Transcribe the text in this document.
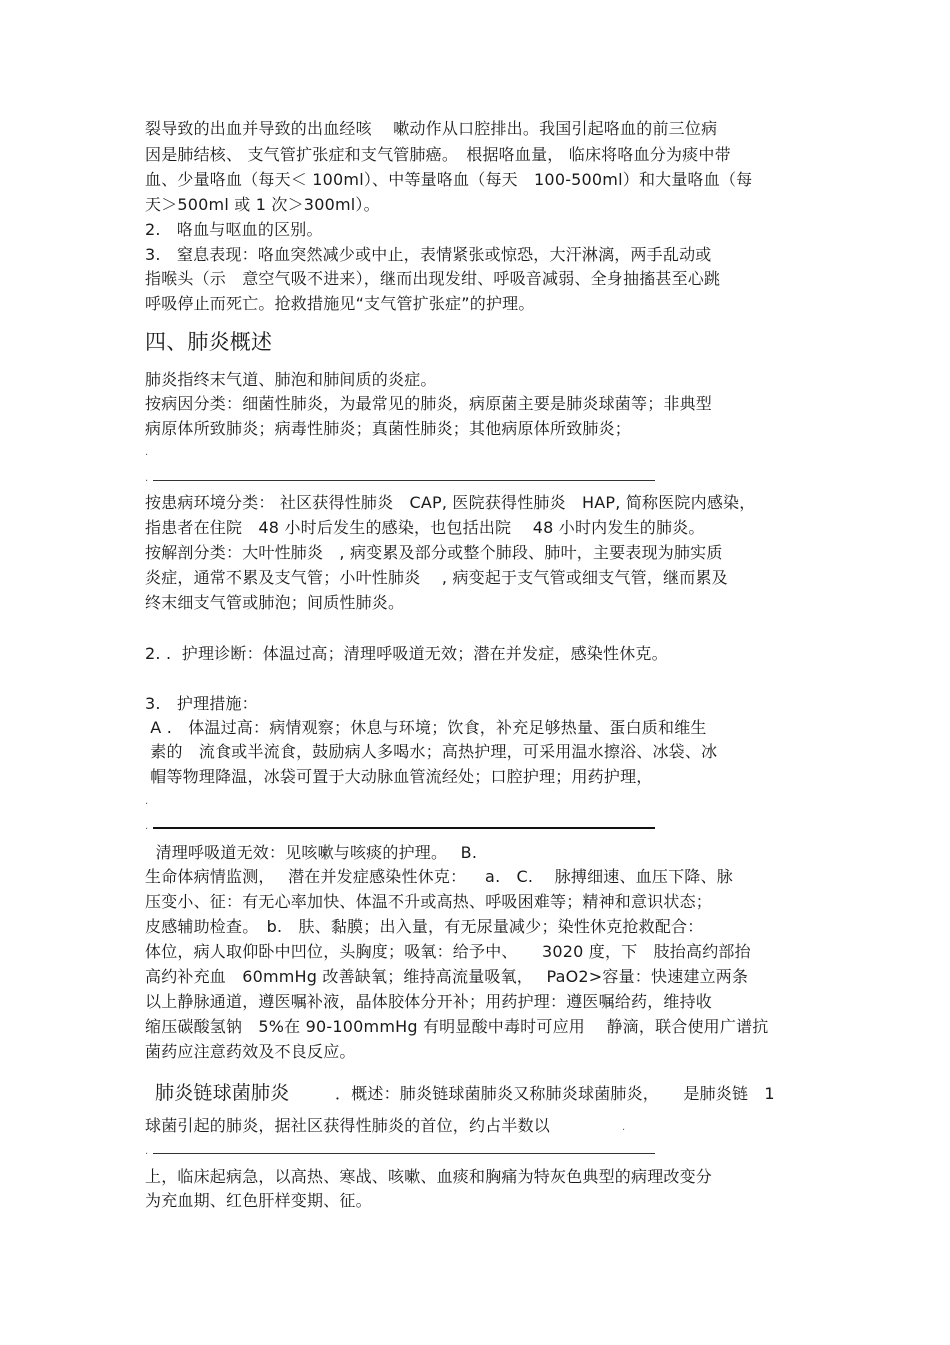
裂导致的出血并导致的出血经咳　 嗽动作从口腔排出。我国引起咯血的前三位病
因是肺结核、 支气管扩张症和支气管肺癌。　根据咯血量， 临床将咯血分为痰中带
血、少量咯血（每天＜ 100ml）、中等量咯血（每天　100-500ml）和大量咯血（每
天＞500ml 或 1 次＞300ml）。
2.　咯血与呕血的区别。
3.　窒息表现：咯血突然减少或中止，表情紧张或惊恐，大汗淋漓，两手乱动或
指喉头（示　意空气吸不进来），继而出现发绀、呼吸音减弱、全身抽搐甚至心跳
呼吸停止而死亡。抢救措施见“支气管扩张症”的护理。
四、肺炎概述
肺炎指终末气道、肺泡和肺间质的炎症。
按病因分类：细菌性肺炎，为最常见的肺炎，病原菌主要是肺炎球菌等；非典型
病原体所致肺炎；病毒性肺炎；真菌性肺炎；其他病原体所致肺炎；
.
.
按患病环境分类： 社区获得性肺炎　CAP, 医院获得性肺炎　HAP, 简称医院内感染，
指患者在住院　48 小时后发生的感染，也包括出院　 48 小时内发生的肺炎。
按解剖分类：大叶性肺炎　, 病变累及部分或整个肺段、肺叶，主要表现为肺实质
炎症，通常不累及支气管；小叶性肺炎　 , 病变起于支气管或细支气管，继而累及
终末细支气管或肺泡；间质性肺炎。
2. .  护理诊断：体温过高；清理呼吸道无效；潜在并发症，感染性休克。
3.　护理措施：
A .　体温过高：病情观察；休息与环境；饮食，补充足够热量、蛋白质和维生
素的　流食或半流食，鼓励病人多喝水；高热护理，可采用温水擦浴、冰袋、冰
帽等物理降温，冰袋可置于大动脉血管流经处；口腔护理；用药护理，
.
.
清理呼吸道无效：见咳嗽与咳痰的护理。　 B.
生命体病情监测，　 潜在并发症感染性休克：　  a.　C.　 脉搏细速、血压下降、脉
压变小、征：有无心率加快、体温不升或高热、呼吸困难等；精神和意识状态；
皮感辅助检查。　b.　肤、黏膜；出入量，有无尿量减少；染性休克抢救配合：
体位，病人取仰卧中凹位，头胸度；吸氧：给予中、　　3020 度，下　肢抬高约部抬
高约补充血　60mmHg 改善缺氧；维持高流量吸氧，　 PaO2>容量：快速建立两条
以上静脉通道，遵医嘱补液，晶体胶体分开补；用药护理：遵医嘱给药，维持收
缩压碳酸氢钠　5%在 90-100mmHg 有明显酸中毒时可应用　 静滴，联合使用广谱抗
菌药应注意药效及不良反应。
肺炎链球菌肺炎	．概述：肺炎链球菌肺炎又称肺炎球菌肺炎，　　是肺炎链　1
球菌引起的肺炎，据社区获得性肺炎的首位，约占半数以	.
.
上，临床起病急，以高热、寒战、咳嗽、血痰和胸痛为特灰色典型的病理改变分
为充血期、红色肝样变期、征。
